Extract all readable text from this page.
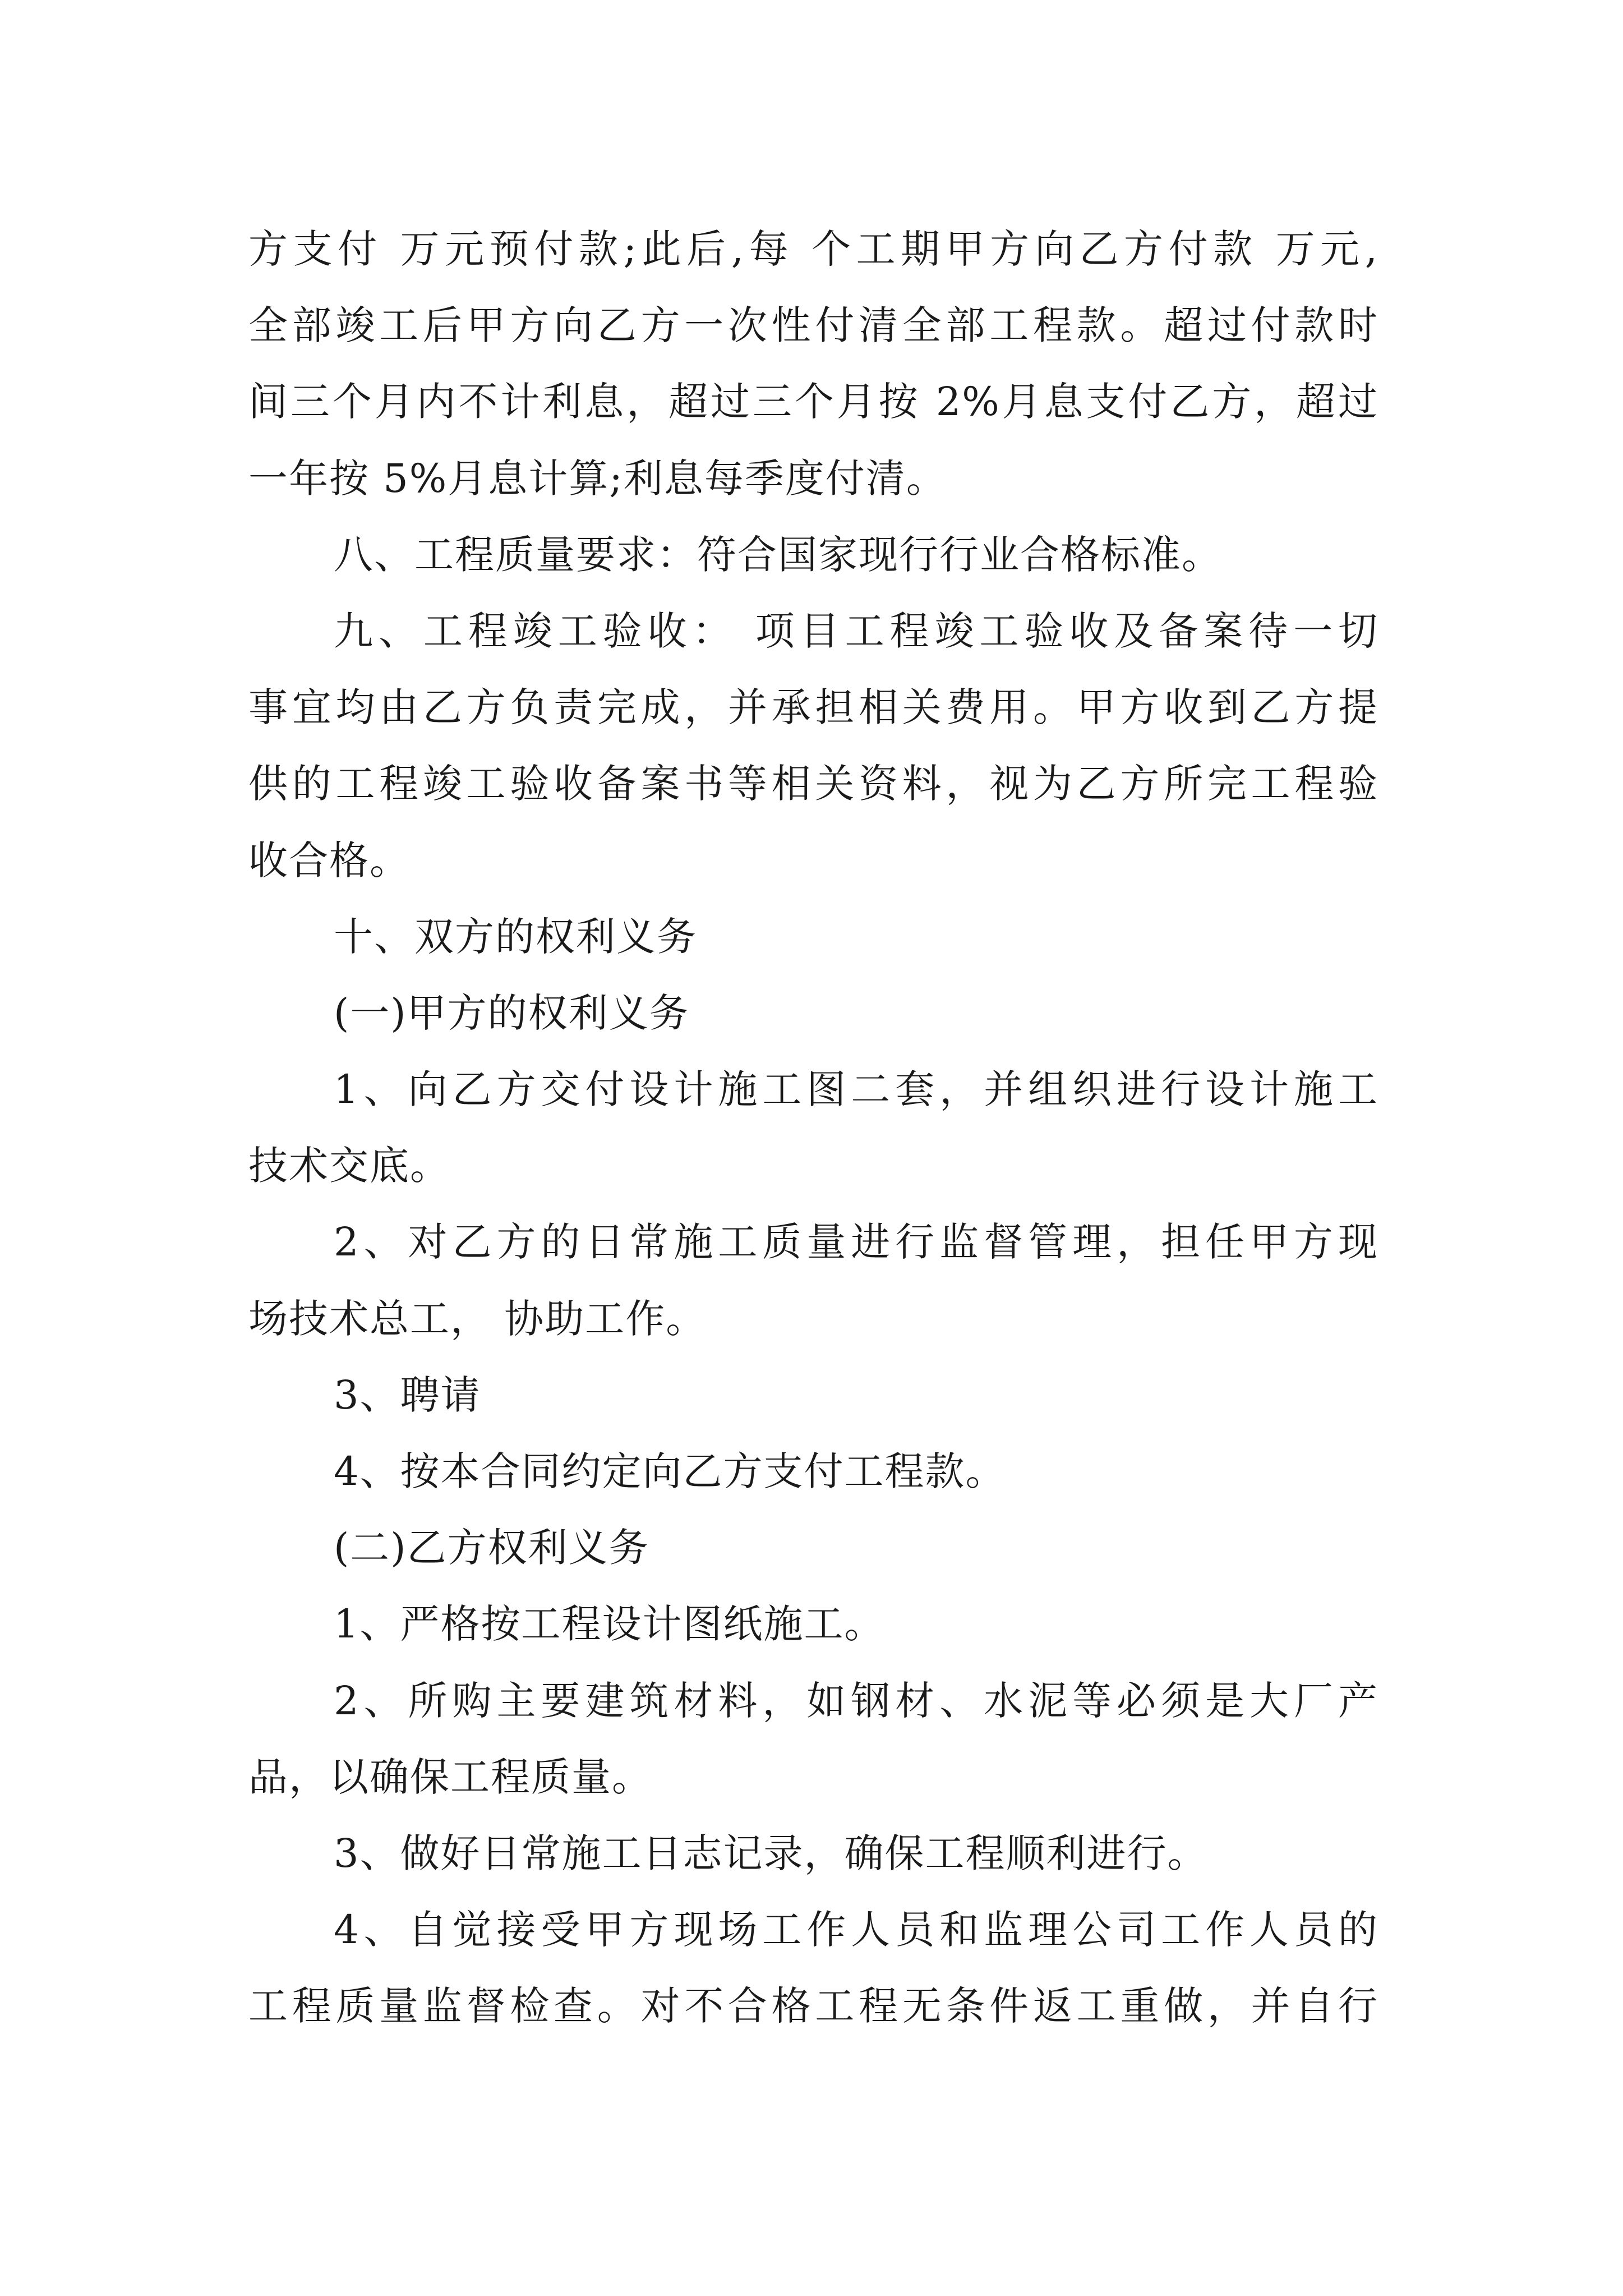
方支付 万元预付款;此后,每 个工期甲方向乙方付款 万元,
全部竣工后甲方向乙方一次性付清全部工程款。超过付款时
间三个月内不计利息，超过三个月按 2%月息支付乙方，超过
一年按 5%月息计算;利息每季度付清。
八、工程质量要求：符合国家现行行业合格标准。
九、工程竣工验收： 项目工程竣工验收及备案待一切
事宜均由乙方负责完成，并承担相关费用。甲方收到乙方提
供的工程竣工验收备案书等相关资料，视为乙方所完工程验
收合格。
十、双方的权利义务
(一)甲方的权利义务
1、向乙方交付设计施工图二套，并组织进行设计施工
技术交底。
2、对乙方的日常施工质量进行监督管理，担任甲方现
场技术总工， 协助工作。
3、聘请
4、按本合同约定向乙方支付工程款。
(二)乙方权利义务
1、严格按工程设计图纸施工。
2、所购主要建筑材料，如钢材、水泥等必须是大厂产
品，以确保工程质量。
3、做好日常施工日志记录，确保工程顺利进行。
4、自觉接受甲方现场工作人员和监理公司工作人员的
工程质量监督检查。对不合格工程无条件返工重做，并自行
